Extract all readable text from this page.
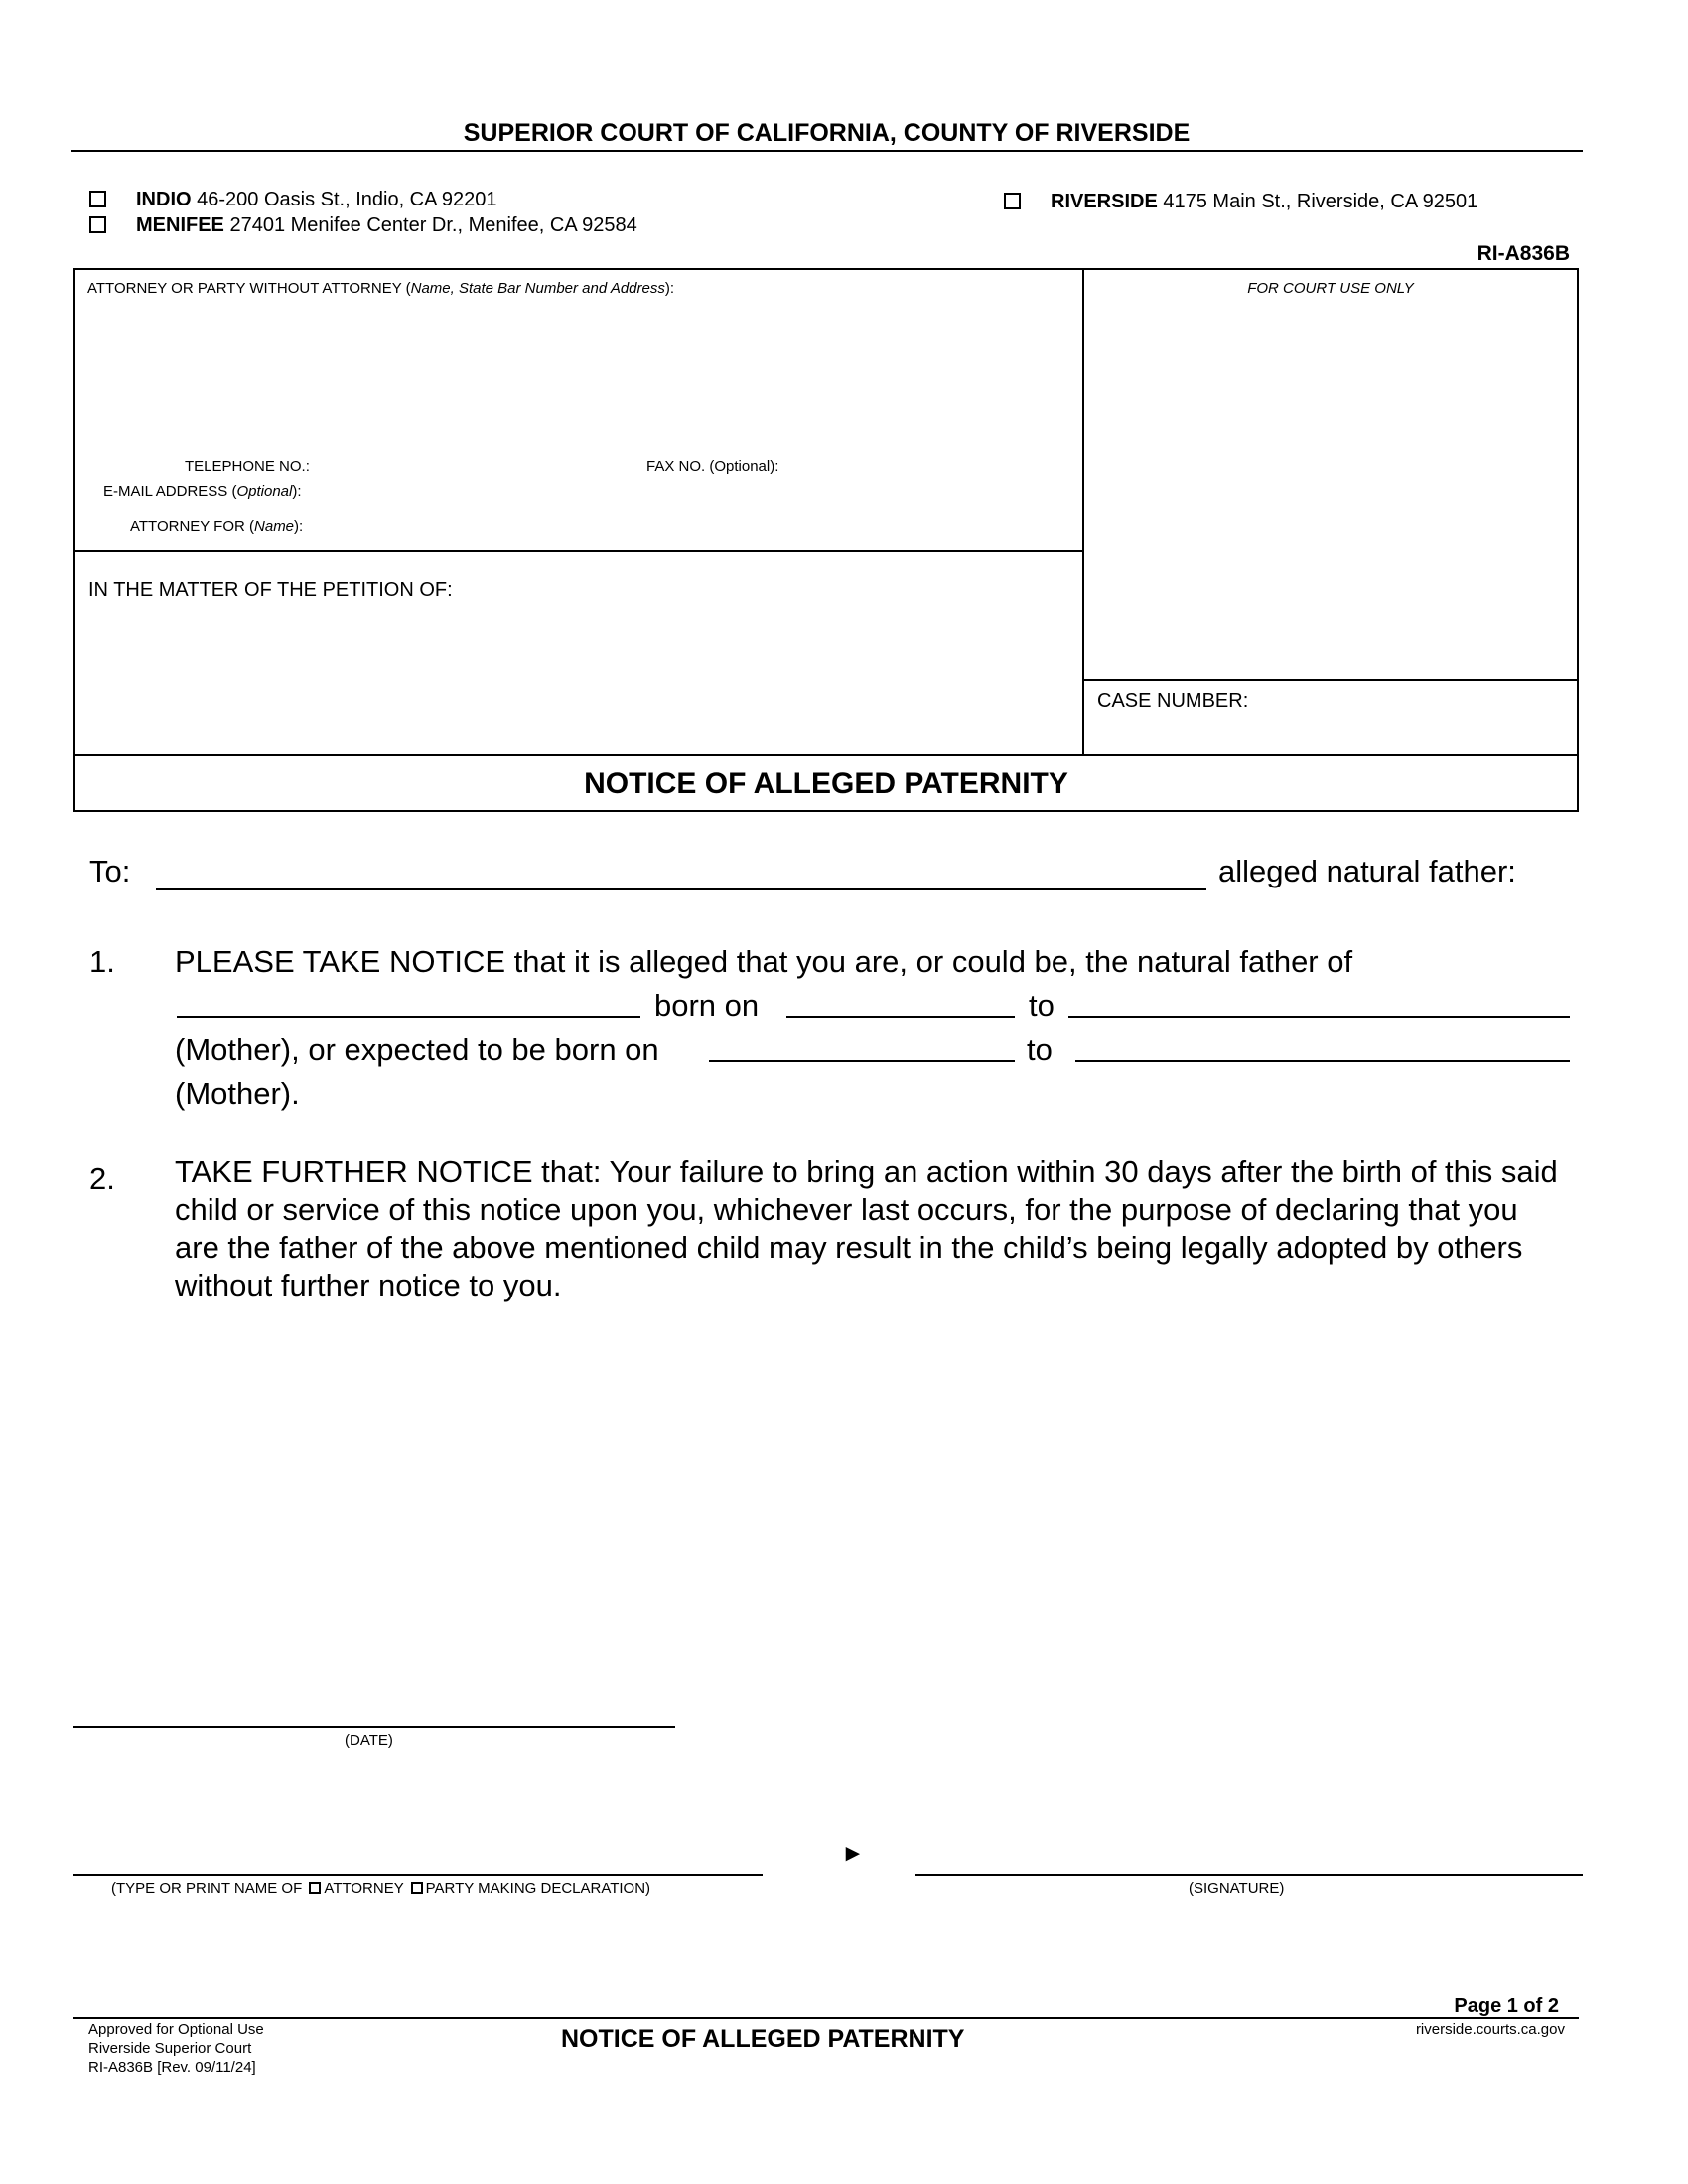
SUPERIOR COURT OF CALIFORNIA, COUNTY OF RIVERSIDE
INDIO 46-200 Oasis St., Indio, CA 92201
MENIFEE 27401 Menifee Center Dr., Menifee, CA 92584
RIVERSIDE 4175 Main St., Riverside, CA 92501
RI-A836B
ATTORNEY OR PARTY WITHOUT ATTORNEY (Name, State Bar Number and Address):	FOR COURT USE ONLY
TELEPHONE NO.:	FAX NO. (Optional):
E-MAIL ADDRESS (Optional):
ATTORNEY FOR (Name):
IN THE MATTER OF THE PETITION OF:
CASE NUMBER:
NOTICE OF ALLEGED PATERNITY
To:	alleged natural father:
1. PLEASE TAKE NOTICE that it is alleged that you are, or could be, the natural father of
born on	to
(Mother), or expected to be born on	to
(Mother).
2. TAKE FURTHER NOTICE that: Your failure to bring an action within 30 days after the birth of this said child or service of this notice upon you, whichever last occurs, for the purpose of declaring that you are the father of the above mentioned child may result in the child’s being legally adopted by others without further notice to you.
(DATE)
(TYPE OR PRINT NAME OF ATTORNEY PARTY MAKING DECLARATION)
►
(SIGNATURE)
Page 1 of 2
Approved for Optional Use
Riverside Superior Court
RI-A836B [Rev. 09/11/24]
NOTICE OF ALLEGED PATERNITY	riverside.courts.ca.gov
